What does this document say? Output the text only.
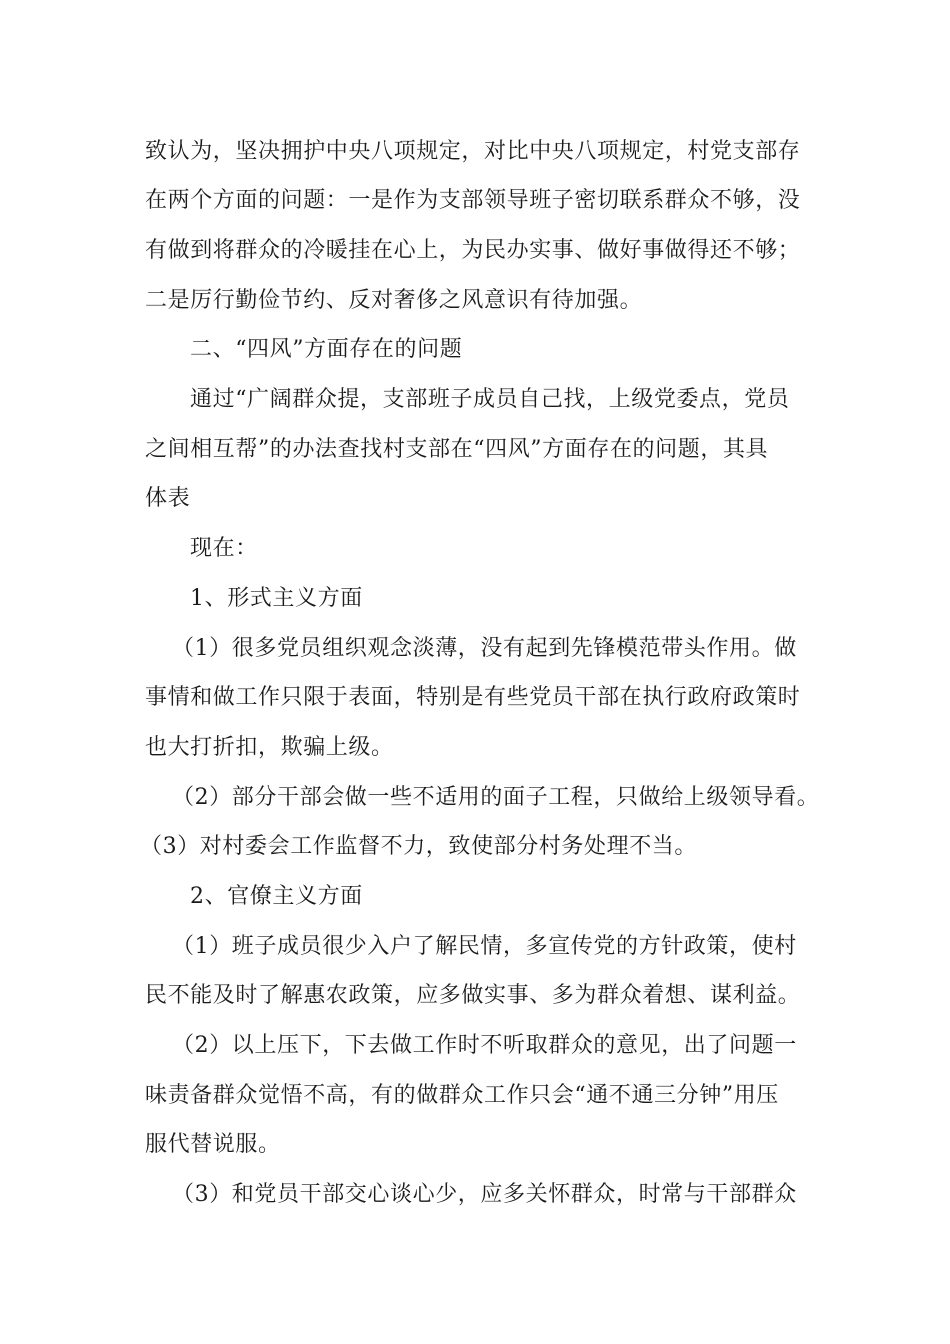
致认为，坚决拥护中央八项规定，对比中央八项规定，村党支部存
在两个方面的问题：一是作为支部领导班子密切联系群众不够，没
有做到将群众的冷暖挂在心上，为民办实事、做好事做得还不够；
二是厉行勤俭节约、反对奢侈之风意识有待加强。
二、“四风”方面存在的问题
通过“广阔群众提，支部班子成员自己找，上级党委点，党员
之间相互帮”的办法查找村支部在“四风”方面存在的问题，其具
体表
现在：
1、形式主义方面
（1）很多党员组织观念淡薄，没有起到先锋模范带头作用。做
事情和做工作只限于表面，特别是有些党员干部在执行政府政策时
也大打折扣，欺骗上级。
（2）部分干部会做一些不适用的面子工程，只做给上级领导看。
（3）对村委会工作监督不力，致使部分村务处理不当。
2、官僚主义方面
（1）班子成员很少入户了解民情，多宣传党的方针政策，使村
民不能及时了解惠农政策，应多做实事、多为群众着想、谋利益。
（2）以上压下，下去做工作时不听取群众的意见，出了问题一
味责备群众觉悟不高，有的做群众工作只会“通不通三分钟”用压
服代替说服。
（3）和党员干部交心谈心少，应多关怀群众，时常与干部群众
